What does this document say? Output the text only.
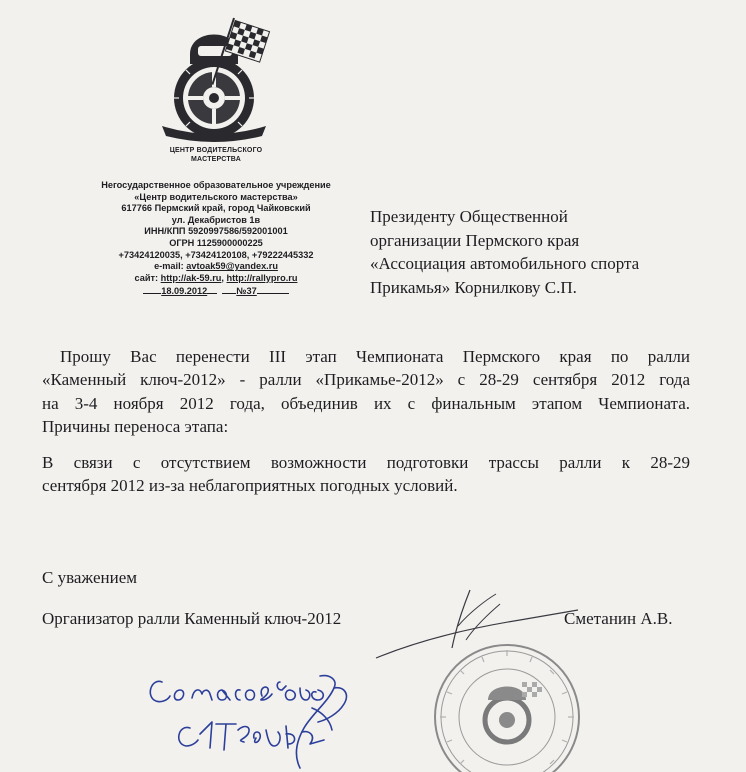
ЦЕНТР ВОДИТЕЛЬСКОГО
МАСТЕРСТВА
Негосударственное образовательное учреждение
«Центр водительского мастерства»
617766 Пермский край, город Чайковский
ул. Декабристов 1в
ИНН/КПП 5920997586/592001001
ОГРН 1125900000225
+73424120035, +73424120108, +79222445332
e-mail: avtoak59@yandex.ru
сайт: http://ak-59.ru, http://rallypro.ru
18.09.2012	№37
Президенту Общественной
организации Пермского края
«Ассоциация автомобильного спорта
Прикамья» Корнилкову С.П.
Прошу Вас перенести III этап Чемпионата Пермского края по ралли
«Каменный ключ-2012» - ралли «Прикамье-2012» с 28-29 сентября 2012 года
на 3-4 ноября 2012 года, объединив их с финальным этапом Чемпионата.
Причины переноса этапа:
В связи с отсутствием возможности подготовки трассы ралли к 28-29
сентября 2012 из-за неблагоприятных погодных условий.
С уважением
Организатор ралли Каменный ключ-2012	Сметанин А.В.
